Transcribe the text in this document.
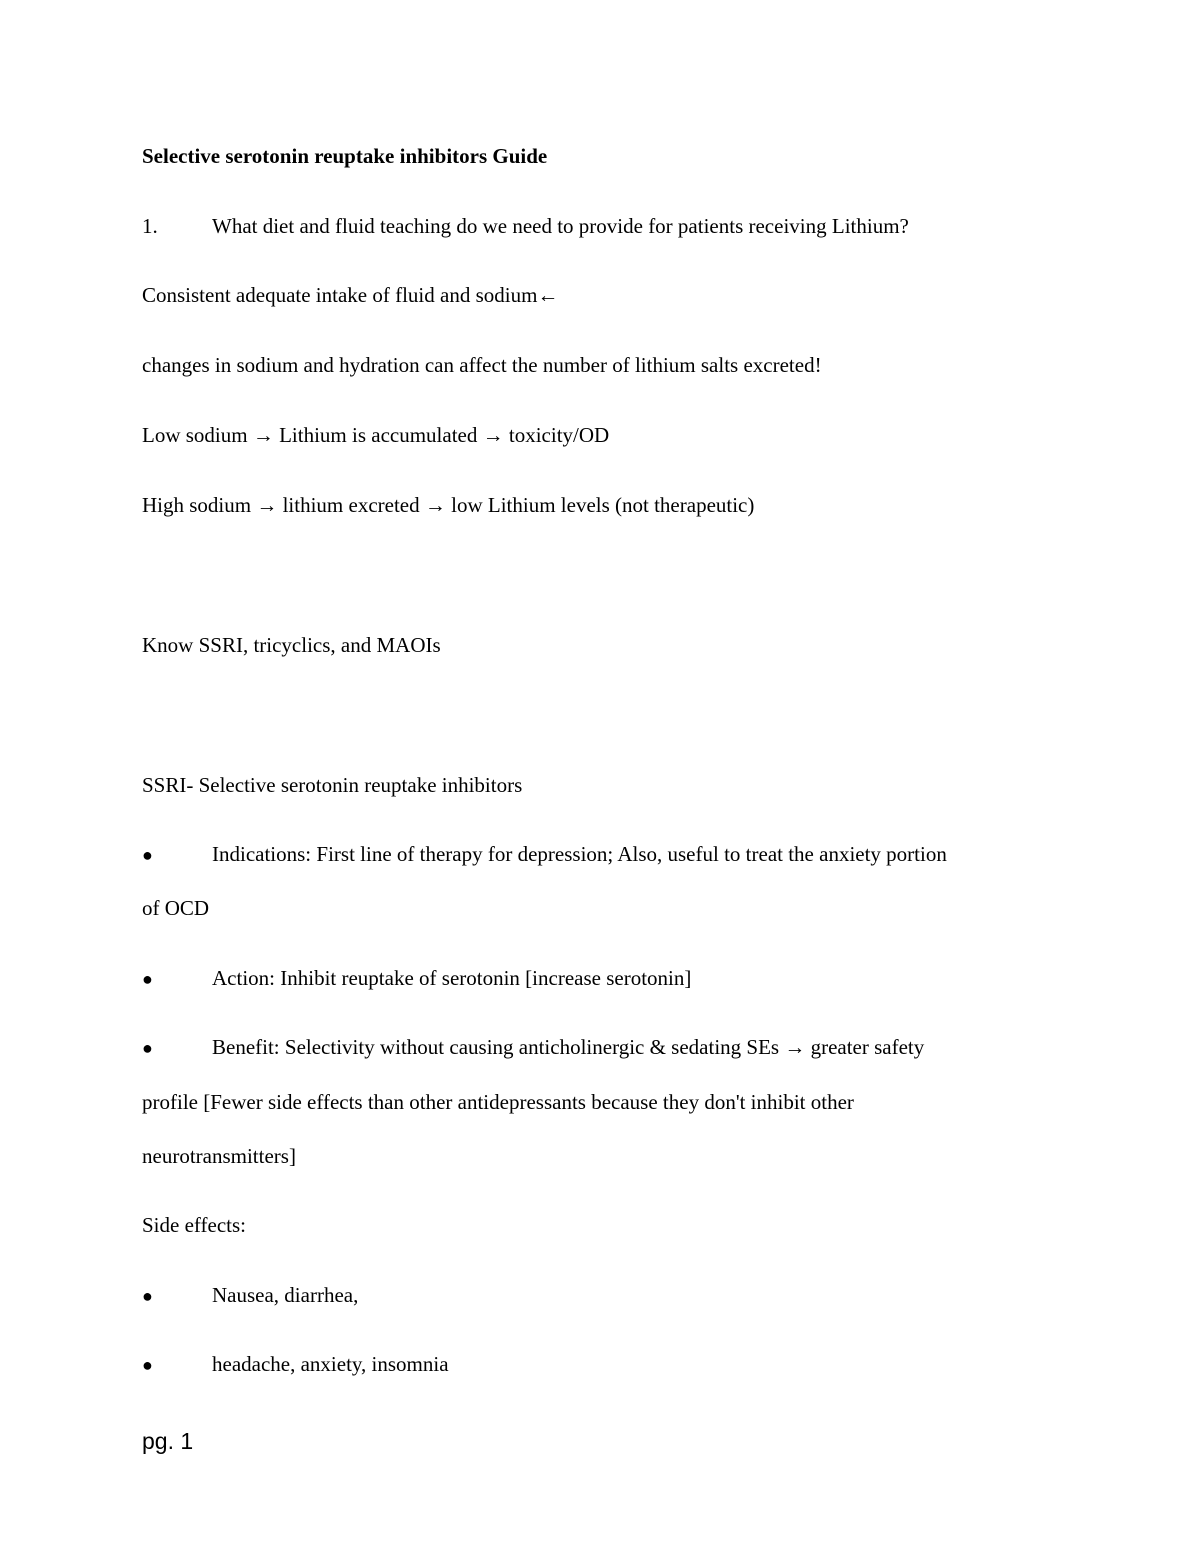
Selective serotonin reuptake inhibitors Guide
1.	What diet and fluid teaching do we need to provide for patients receiving Lithium?
Consistent adequate intake of fluid and sodium←
changes in sodium and hydration can affect the number of lithium salts excreted!
Low sodium → Lithium is accumulated → toxicity/OD
High sodium → lithium excreted → low Lithium levels (not therapeutic)
Know SSRI, tricyclics, and MAOIs
SSRI- Selective serotonin reuptake inhibitors
●	Indications: First line of therapy for depression; Also, useful to treat the anxiety portion
of OCD
●	Action: Inhibit reuptake of serotonin [increase serotonin]
●	Benefit: Selectivity without causing anticholinergic & sedating SEs → greater safety
profile [Fewer side effects than other antidepressants because they don't inhibit other
neurotransmitters]
Side effects:
●	Nausea, diarrhea,
●	headache, anxiety, insomnia
pg. 1
